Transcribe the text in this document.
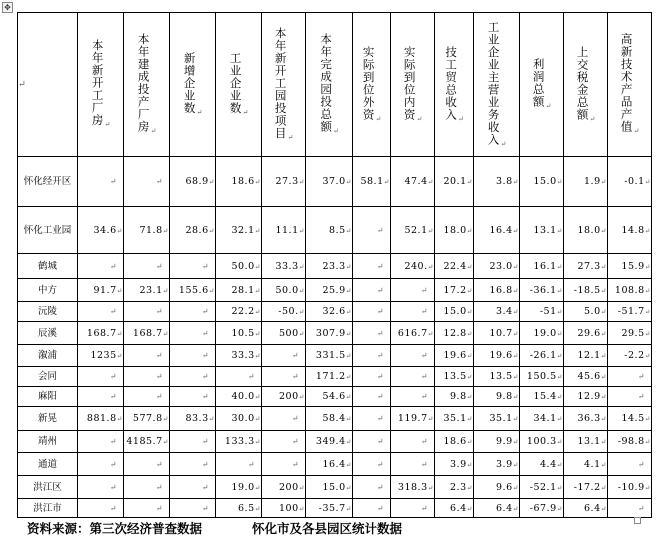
✥
↵	本年新开工厂房↵	本年建成投产厂房↵	新增企业数↵	工业企业数↵	本年新开工园投项目↵	本年完成园投总额↵	实际到位外资↵	实际到位内资↵	技工贸总收入↵	工业企业主营业务收入↵	利润总额↵	上交税金总额↵	高新技术产品产值↵
怀化经开区	↵	↵	68.9↵	18.6↵	27.3↵	37.0↵	58.1↵	47.4↵	20.1↵	3.8↵	15.0↵	1.9↵	-0.1↵
怀化工业园	34.6↵	71.8↵	28.6↵	32.1↵	11.1↵	8.5↵	↵	52.1↵	18.0↵	16.4↵	13.1↵	18.0↵	14.8↵
鹤城	↵	↵	↵	50.0↵	33.3↵	23.3↵	↵	240.↵	22.4↵	23.0↵	16.1↵	27.3↵	15.9↵
中方	91.7↵	23.1↵	155.6↵	28.1↵	50.0↵	25.9↵	↵	↵	17.2↵	16.8↵	-36.1↵	-18.5↵	108.8↵
沅陵	↵	↵	↵	22.2↵	-50.↵	32.6↵	↵	↵	15.0↵	3.4↵	-51↵	5.0↵	-51.7↵
辰溪	168.7↵	168.7↵	↵	10.5↵	500↵	307.9↵	↵	616.7↵	12.8↵	10.7↵	19.0↵	29.6↵	29.5↵
溆浦	1235↵	↵	↵	33.3↵	↵	331.5↵	↵	↵	19.6↵	19.6↵	-26.1↵	12.1↵	-2.2↵
会同	↵	↵	↵	↵	↵	171.2↵	↵	↵	13.5↵	13.5↵	150.5↵	45.6↵	↵
麻阳	↵	↵	↵	40.0↵	200↵	54.6↵	↵	↵	9.8↵	9.8↵	15.4↵	12.9↵	↵
新晃	881.8↵	577.8↵	83.3↵	30.0↵	↵	58.4↵	↵	119.7↵	35.1↵	35.1↵	34.1↵	36.3↵	14.5↵
靖州	↵	4185.7↵	↵	133.3↵	↵	349.4↵	↵	↵	18.6↵	9.9↵	100.3↵	13.1↵	-98.8↵
通道	↵	↵	↵	↵	↵	16.4↵	↵	↵	3.9↵	3.9↵	4.4↵	4.1↵	↵
洪江区	↵	↵	↵	19.0↵	200↵	15.0↵	↵	318.3↵	2.3↵	9.6↵	-52.1↵	-17.2↵	-10.9↵
洪江市	↵	↵	↵	6.5↵	100↵	-35.7↵	↵	↵	6.4↵	6.4↵	-67.9↵	6.4↵	↵
资料来源：第三次经济普查数据	怀化市及各县园区统计数据
